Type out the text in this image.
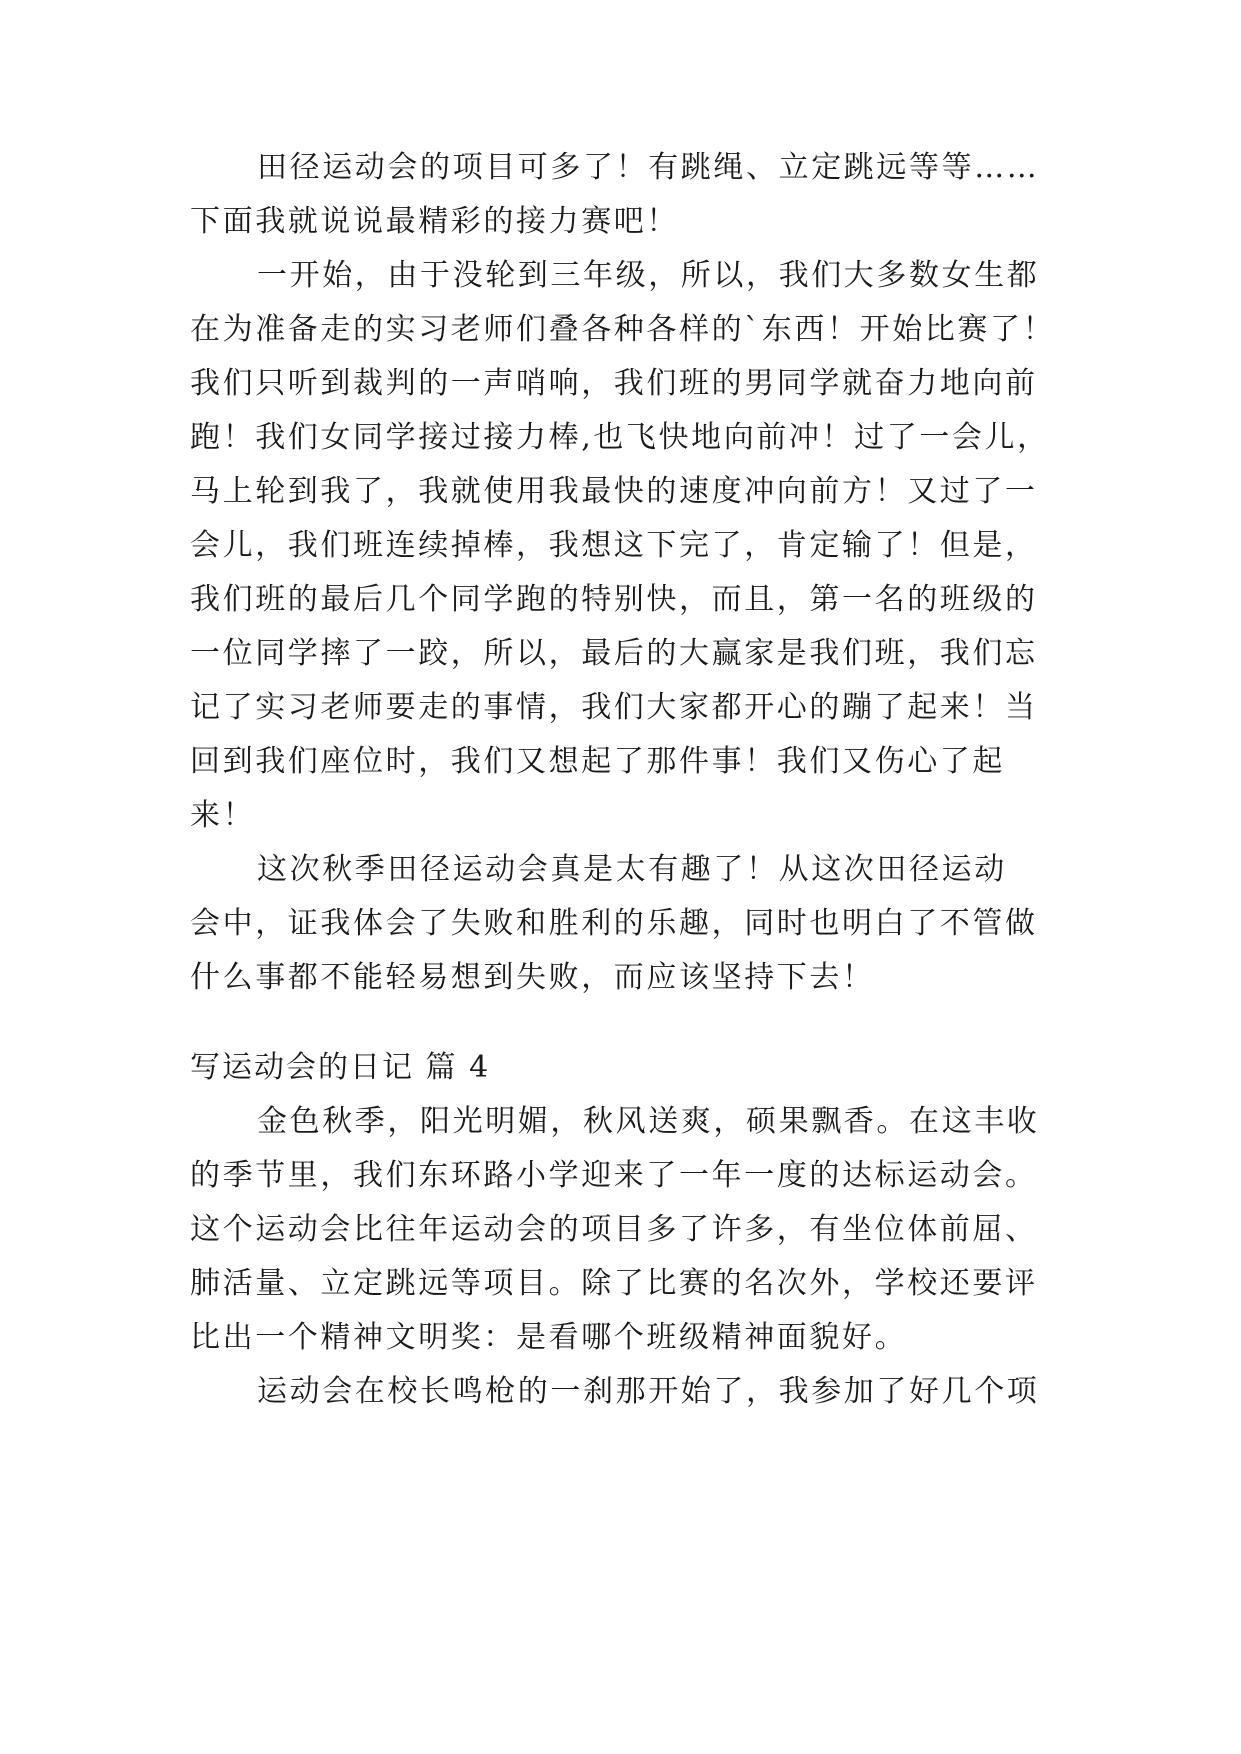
田径运动会的项目可多了！有跳绳、立定跳远等等……
下面我就说说最精彩的接力赛吧！
一开始，由于没轮到三年级，所以，我们大多数女生都
在为准备走的实习老师们叠各种各样的`东西！开始比赛了！
我们只听到裁判的一声哨响，我们班的男同学就奋力地向前
跑！我们女同学接过接力棒,也飞快地向前冲！过了一会儿，
马上轮到我了，我就使用我最快的速度冲向前方！又过了一
会儿，我们班连续掉棒，我想这下完了，肯定输了！但是，
我们班的最后几个同学跑的特别快，而且，第一名的班级的
一位同学摔了一跤，所以，最后的大赢家是我们班，我们忘
记了实习老师要走的事情，我们大家都开心的蹦了起来！当
回到我们座位时，我们又想起了那件事！我们又伤心了起
来！
这次秋季田径运动会真是太有趣了！从这次田径运动
会中，证我体会了失败和胜利的乐趣，同时也明白了不管做
什么事都不能轻易想到失败，而应该坚持下去！
写运动会的日记 篇 4
金色秋季，阳光明媚，秋风送爽，硕果飘香。在这丰收
的季节里，我们东环路小学迎来了一年一度的达标运动会。
这个运动会比往年运动会的项目多了许多，有坐位体前屈、
肺活量、立定跳远等项目。除了比赛的名次外，学校还要评
比出一个精神文明奖：是看哪个班级精神面貌好。
运动会在校长鸣枪的一刹那开始了，我参加了好几个项
